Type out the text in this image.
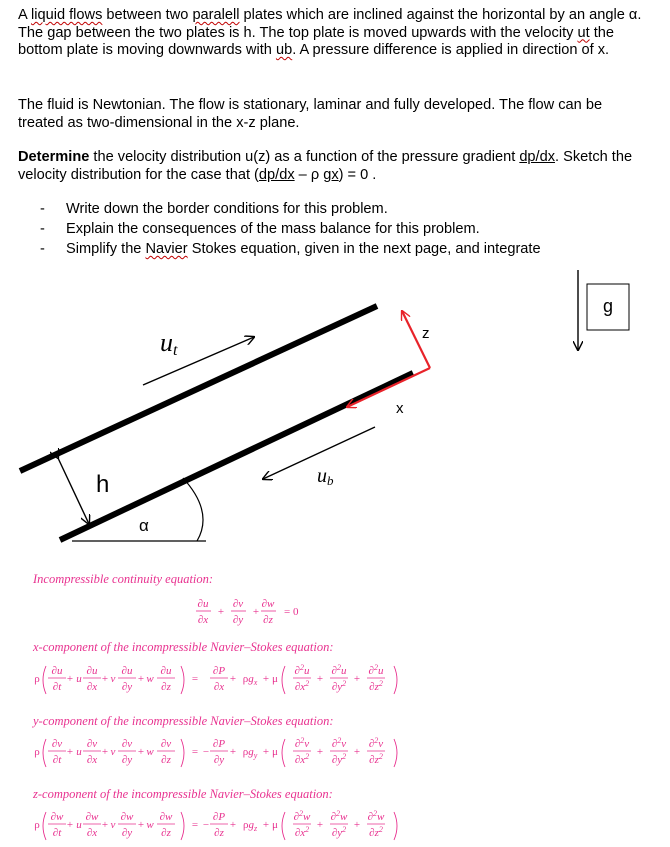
A liquid flows between two paralell plates which are inclined against the horizontal by an angle α. The gap between the two plates is h. The top plate is moved upwards with the velocity ut the bottom plate is moving downwards with ub. A pressure difference is applied in direction of x.
The fluid is Newtonian. The flow is stationary, laminar and fully developed. The flow can be treated as two-dimensional in the x-z plane.
Determine the velocity distribution u(z) as a function of the pressure gradient dp/dx. Sketch the velocity distribution for the case that (dp/dx – ρ gx) = 0 .
- Write down the border conditions for this problem.
- Explain the consequences of the mass balance for this problem.
- Simplify the Navier Stokes equation, given in the next page, and integrate
g
ut
ub
h
α
z
x
Incompressible continuity equation:
∂u
∂x
+
∂v
∂y
+
∂w
∂z
= 0
x-component of the incompressible Navier–Stokes equation:
ρ
∂u
∂t
+ u
∂u
∂x
+ v
∂u
∂y
+ w
∂u
∂z
=
∂P
∂x
+ ρgx + μ
∂$^2_u$
$\partial x^2$ +
∂$^2_u$
$\partial y^2$ +
∂$^2_u$
$\partial z^2$
y-component of the incompressible Navier–Stokes equation:
ρ
∂v
∂t
+ u
∂v
∂x
+ v
∂v
∂y
+ w
∂v
∂z
= −
∂P
∂y
+ ρgy + μ
∂$^2_v$
$\partial x^2$ +
∂$^2_v$
$\partial y^2$ +
∂$^2_v$
$\partial z^2$
z-component of the incompressible Navier–Stokes equation:
ρ
∂w
∂t
+ u
∂w
∂x
+ v
∂w
∂y
+ w
∂w
∂z
= −
∂P
∂z
+ ρgz + μ
∂$^2_w$
$\partial x^2$ +
∂$^2_w$
$\partial y^2$ +
∂$^2_w$
$\partial z^2$
